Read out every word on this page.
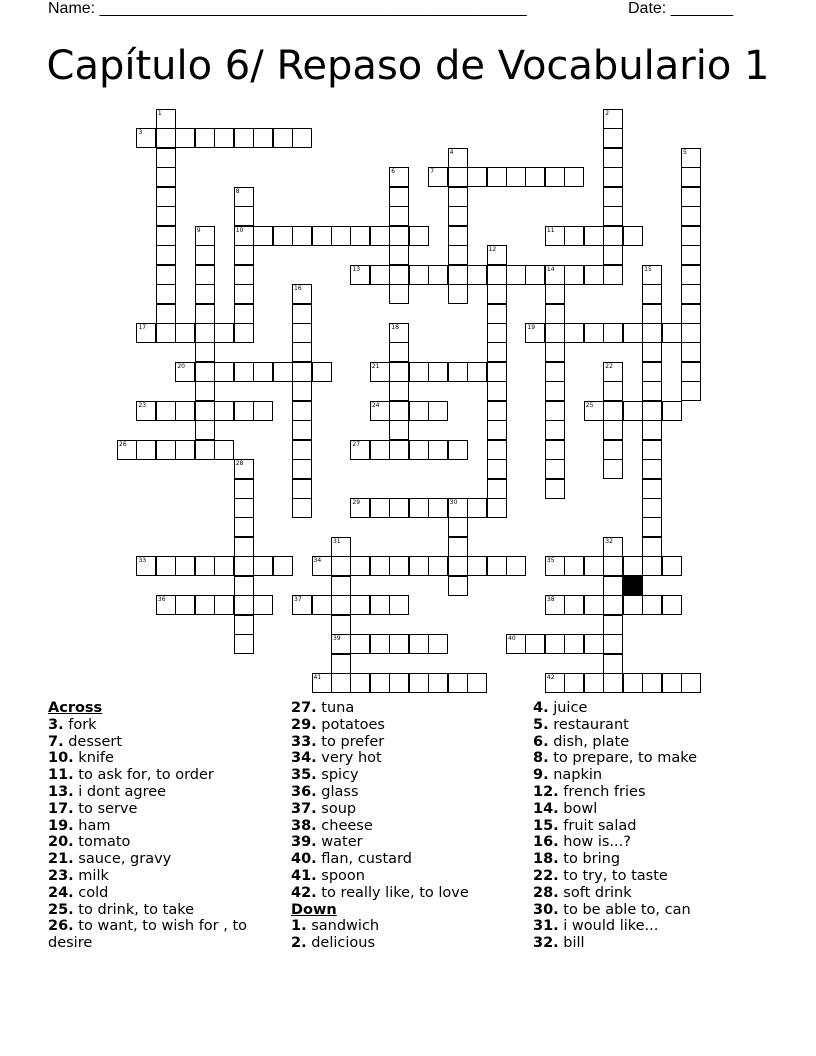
Name: ________________________________________________	Date: _______
Capítulo 6/ Repaso de Vocabulario 1
3
7
10	11
13	14
17	19
20	21
23	24	25
26	27
29	30
33	34	35
36	37	38
39	40
41	42
1	2
4	5
6
8
9
12
15
16
18
22
28
31	32
Across
3. fork
7. dessert
10. knife
11. to ask for, to order
13. i dont agree
17. to serve
19. ham
20. tomato
21. sauce, gravy
23. milk
24. cold
25. to drink, to take
26. to want, to wish for , to desire
27. tuna
29. potatoes
33. to prefer
34. very hot
35. spicy
36. glass
37. soup
38. cheese
39. water
40. flan, custard
41. spoon
42. to really like, to love
Down
1. sandwich
2. delicious
4. juice
5. restaurant
6. dish, plate
8. to prepare, to make
9. napkin
12. french fries
14. bowl
15. fruit salad
16. how is...?
18. to bring
22. to try, to taste
28. soft drink
30. to be able to, can
31. i would like...
32. bill
